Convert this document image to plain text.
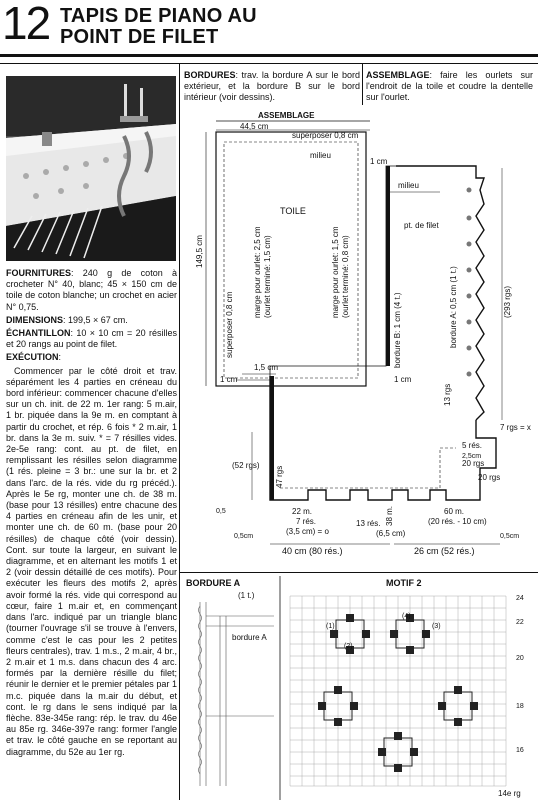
12 TAPIS DE PIANO AU
POINT DE FILET

FOURNITURES: 240 g de coton à crocheter N° 40, blanc; 45 × 150 cm de toile de coton blanche; un crochet en acier N° 0,75.

DIMENSIONS: 199,5 × 67 cm.

ÉCHANTILLON: 10 × 10 cm = 20 résilles et 20 rangs au point de filet.

EXÉCUTION:

Commencer par le côté droit et trav. séparément les 4 parties en créneau du bord inférieur: commencer chacune d'elles sur un ch. init. de 22 m. 1er rang: 5 m.air, 1 br. piquée dans la 9e m. en comptant à partir du crochet, et rép. 6 fois * 2 m.air, 1 br. dans la 3e m. suiv. * = 7 résilles vides. 2e-5e rang: cont. au pt. de filet, en remplissant les résilles selon diagramme (1 rés. pleine = 3 br.: une sur la br. et 2 dans l'arc. de la rés. vide du rg précéd.). Après le 5e rg, monter une ch. de 38 m. (base pour 13 résilles) entre chacune des 4 parties en créneau afin de les unir, et monter une ch. de 60 m. (base pour 20 résilles) de chaque côté (voir dessin). Cont. sur toute la largeur, en suivant le diagramme, et en alternant les motifs 1 et 2 (voir dessin détaillé de ces motifs). Pour exécuter les fleurs des motifs 2, après avoir formé la rés. vide qui correspond au cœur, faire 1 m.air et, en commençant dans l'arc. indiqué par un triangle blanc (tourner l'ouvrage s'il se trouve à l'envers, comme c'est le cas pour les 2 petites fleurs centrales), trav. 1 m.s., 2 m.air, 4 br., 2 m.air et 1 m.s. dans chacun des 4 arc. formés par la dernière résille du filet; réunir le dernier et le premier pétales par 1 m.c. piquée dans la m.air du début, et cont. le rg dans le sens indiqué par la flèche. 83e-345e rang: rép. le trav. du 46e au 85e rg. 346e-397e rang: former l'angle et trav. le côté gauche en se reportant au diagramme, du 52e au 1er rg.

BORDURES: trav. la bordure A sur le bord extérieur, et la bordure B sur le bord intérieur (voir dessins).
ASSEMBLAGE: faire les ourlets sur l'endroit de la toile et coudre la dentelle sur l'ourlet.
ASSEMBLAGE
44,5 cm
superposer 0,8 cm
milieu
TOILE
marge pour ourlet: 2,5 cm (ourlet terminé: 1,5 cm)	marge pour ourlet: 1,5 cm (ourlet terminé: 0,8 cm)
149,5 cm
superposer 0,8 cm
1,5 cm
1 cm
milieu
pt. de filet
bordure A: 0,5 cm (1 t.)	(293 rgs)
bordure B: 1 cm (4 t.)
13 rgs
1 cm	1 cm
5 rés.
2,5cm
7 rgs = x
20 rgs
20 rgs
(52 rgs)
47 rgs
22 m.
7 rés.
(3,5 cm) = o
38 m.
13 rés.
(6,5 cm)
60 m.
(20 rés. - 10 cm)
0,5
0,5cm	0,5cm
40 cm (80 rés.)	26 cm (52 rés.)
BORDURE A
(1 t.)
bordure A
MOTIF 2
(1)
(2)
(3)
(4)
24
22
20
18
16
14e rg
